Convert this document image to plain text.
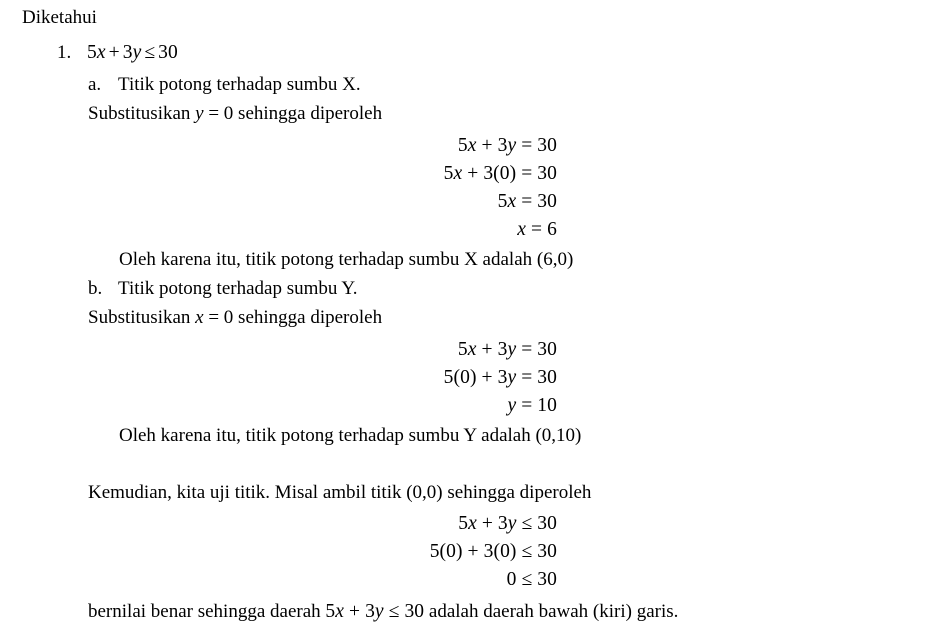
Diketahui
1. 5x + 3y ≤ 30
a. Titik potong terhadap sumbu X.
Substitusikan y = 0 sehingga diperoleh
5x + 3y = 30
5x + 3(0) = 30
5x = 30
x = 6
Oleh karena itu, titik potong terhadap sumbu X adalah (6,0)
b. Titik potong terhadap sumbu Y.
Substitusikan x = 0 sehingga diperoleh
5x + 3y = 30
5(0) + 3y = 30
y = 10
Oleh karena itu, titik potong terhadap sumbu Y adalah (0,10)
Kemudian, kita uji titik. Misal ambil titik (0,0) sehingga diperoleh
5x + 3y ≤ 30
5(0) + 3(0) ≤ 30
0 ≤ 30
bernilai benar sehingga daerah 5x + 3y ≤ 30 adalah daerah bawah (kiri) garis.
